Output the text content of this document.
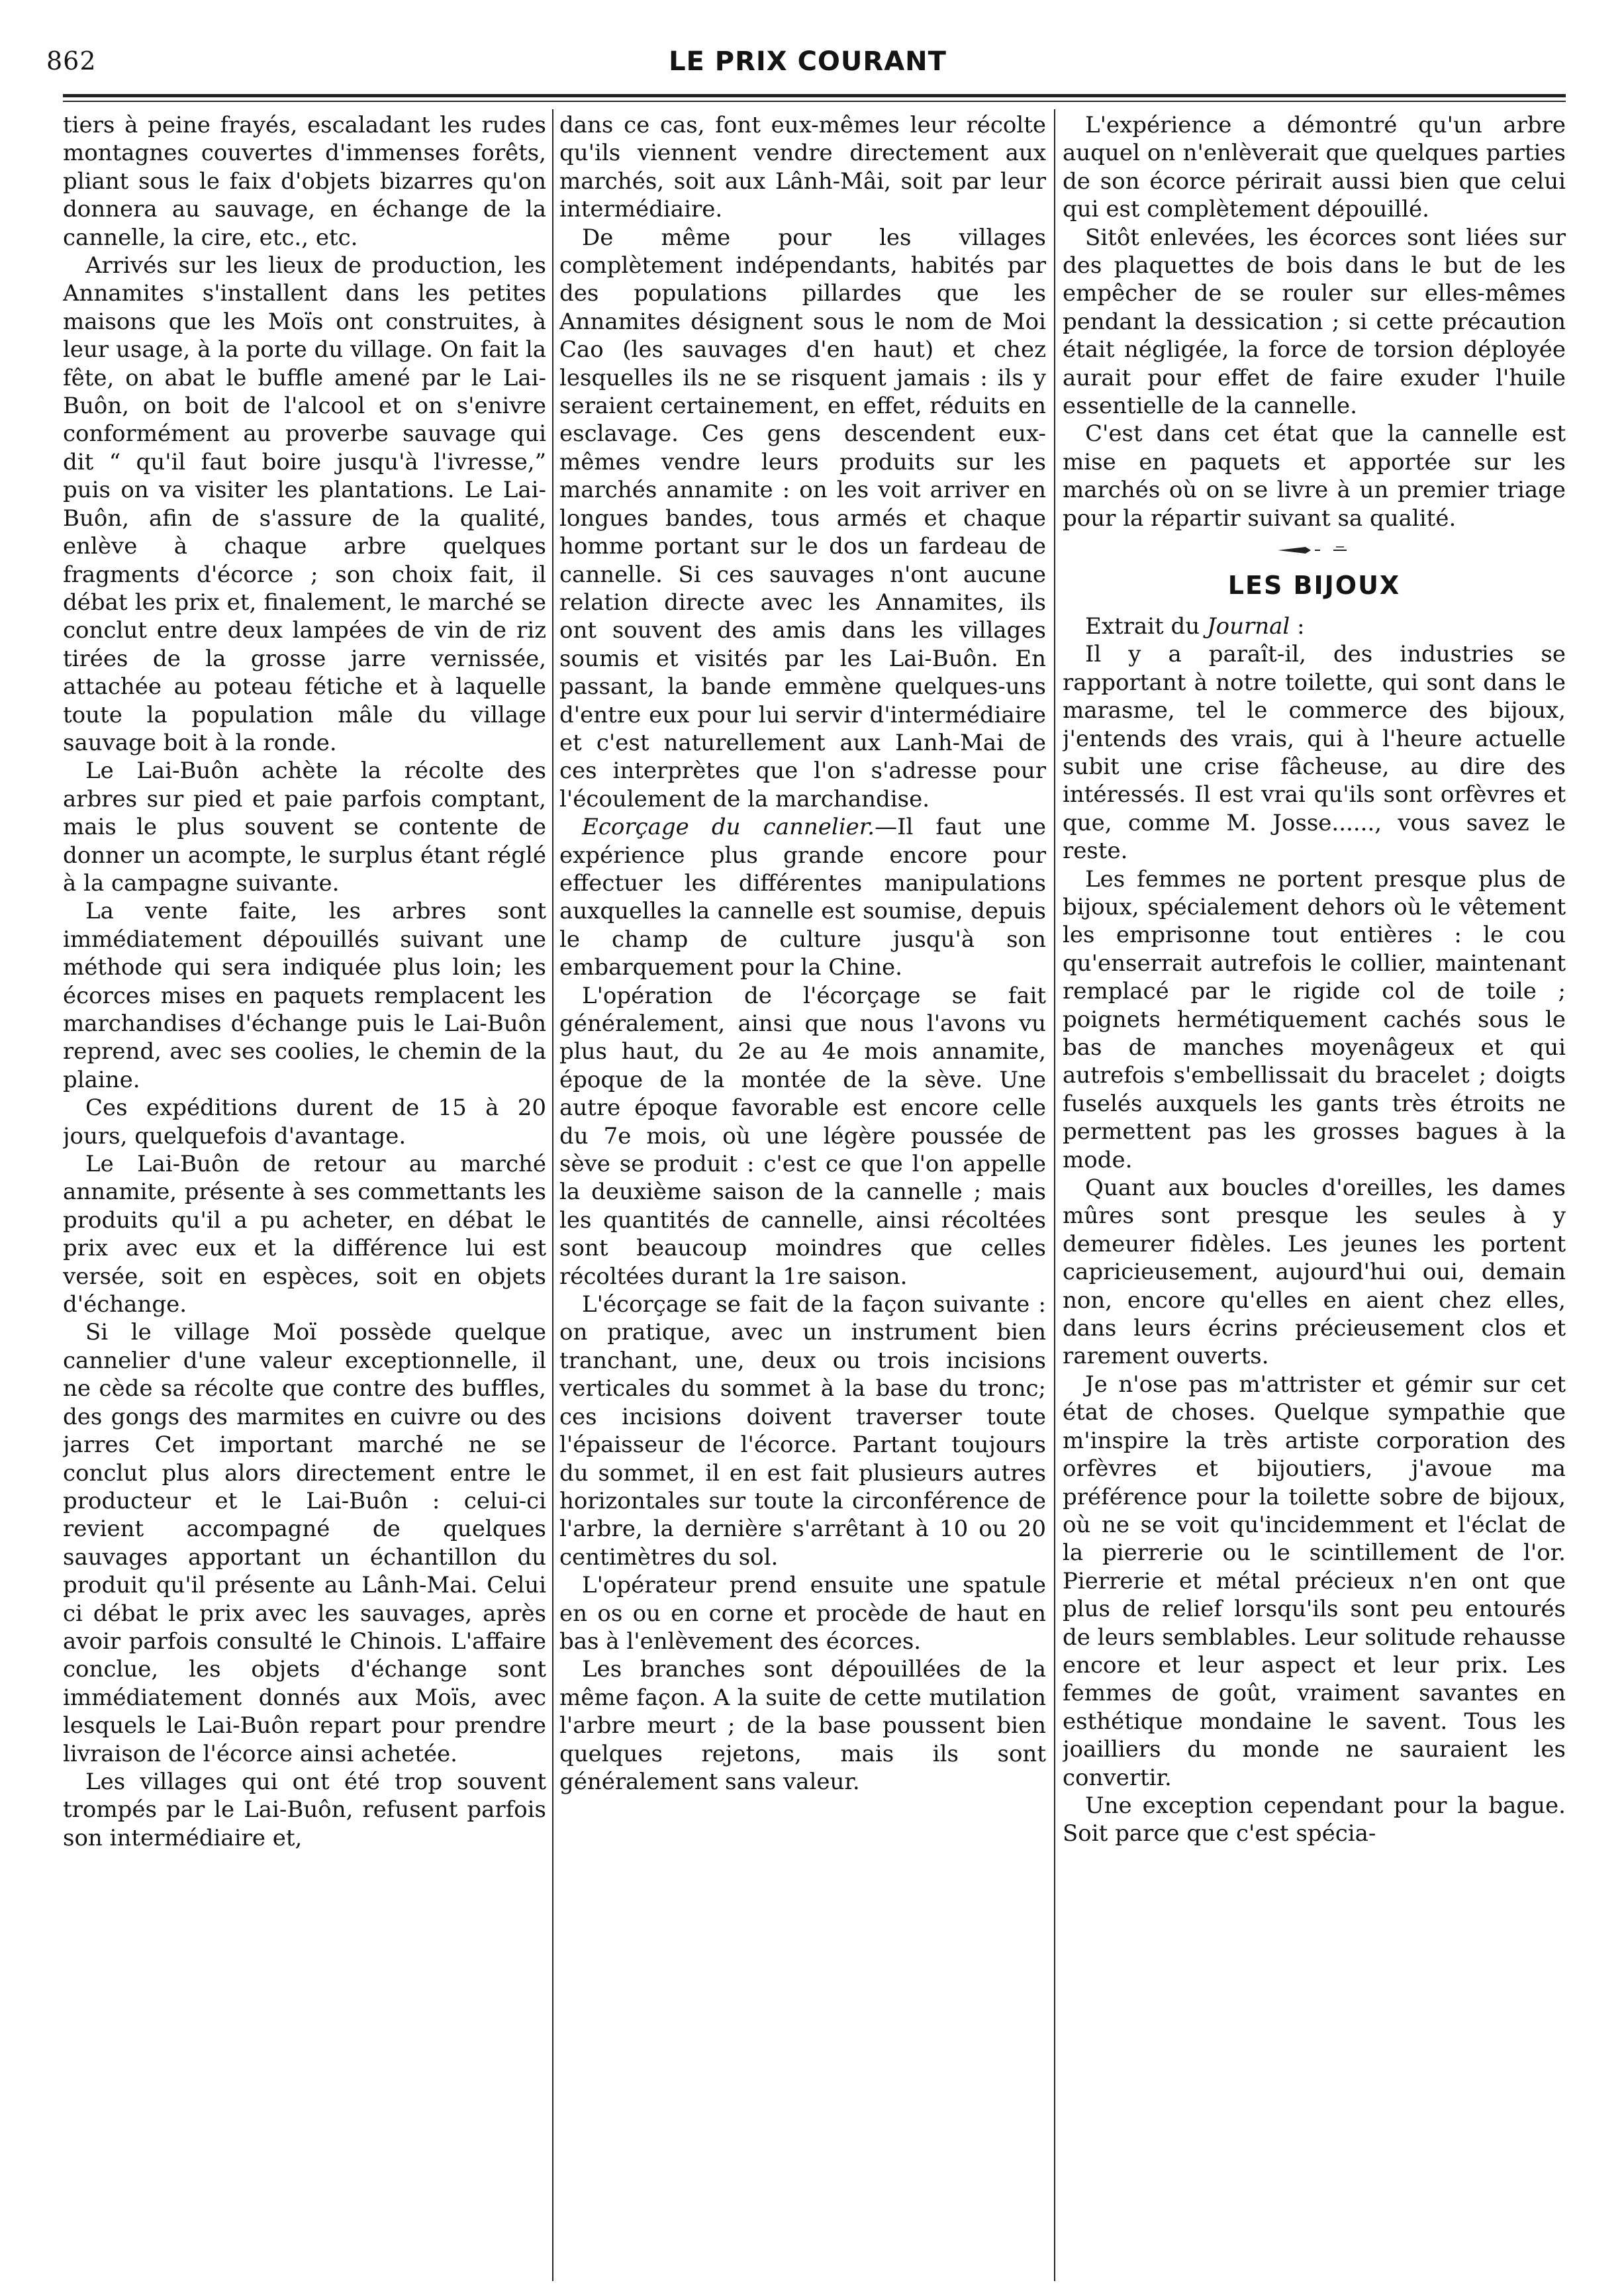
862	LE PRIX COURANT

tiers à peine frayés, escaladant les rudes montagnes couvertes d'immenses forêts, pliant sous le faix d'objets bizarres qu'on donnera au sauvage, en échange de la cannelle, la cire, etc., etc.

Arrivés sur les lieux de production, les Annamites s'installent dans les petites maisons que les Moïs ont construites, à leur usage, à la porte du village. On fait la fête, on abat le buffle amené par le Lai-Buôn, on boit de l'alcool et on s'enivre conformément au proverbe sauvage qui dit “ qu'il faut boire jusqu'à l'ivresse,” puis on va visiter les plantations. Le Lai-Buôn, afin de s'assure de la qualité, enlève à chaque arbre quelques fragments d'écorce ; son choix fait, il débat les prix et, finalement, le marché se conclut entre deux lampées de vin de riz tirées de la grosse jarre vernissée, attachée au poteau fétiche et à laquelle toute la population mâle du village sauvage boit à la ronde.

Le Lai-Buôn achète la récolte des arbres sur pied et paie parfois comptant, mais le plus souvent se contente de donner un acompte, le surplus étant réglé à la campagne suivante.

La vente faite, les arbres sont immédiatement dépouillés suivant une méthode qui sera indiquée plus loin; les écorces mises en paquets remplacent les marchandises d'échange puis le Lai-Buôn reprend, avec ses coolies, le chemin de la plaine.

Ces expéditions durent de 15 à 20 jours, quelquefois d'avantage.

Le Lai-Buôn de retour au marché annamite, présente à ses commettants les produits qu'il a pu acheter, en débat le prix avec eux et la différence lui est versée, soit en espèces, soit en objets d'échange.

Si le village Moï possède quelque cannelier d'une valeur exceptionnelle, il ne cède sa récolte que contre des buffles, des gongs des marmites en cuivre ou des jarres Cet important marché ne se conclut plus alors directement entre le producteur et le Lai-Buôn : celui-ci revient accompagné de quelques sauvages apportant un échantillon du produit qu'il présente au Lânh-Mai. Celui ci débat le prix avec les sauvages, après avoir parfois consulté le Chinois. L'affaire conclue, les objets d'échange sont immédiatement donnés aux Moïs, avec lesquels le Lai-Buôn repart pour prendre livraison de l'écorce ainsi achetée.

Les villages qui ont été trop souvent trompés par le Lai-Buôn, refusent parfois son intermédiaire et,

dans ce cas, font eux-mêmes leur récolte qu'ils viennent vendre directement aux marchés, soit aux Lânh-Mâi, soit par leur intermédiaire.

De même pour les villages complètement indépendants, habités par des populations pillardes que les Annamites désignent sous le nom de Moi Cao (les sauvages d'en haut) et chez lesquelles ils ne se risquent jamais : ils y seraient certainement, en effet, réduits en esclavage. Ces gens descendent eux-mêmes vendre leurs produits sur les marchés annamite : on les voit arriver en longues bandes, tous armés et chaque homme portant sur le dos un fardeau de cannelle. Si ces sauvages n'ont aucune relation directe avec les Annamites, ils ont souvent des amis dans les villages soumis et visités par les Lai-Buôn. En passant, la bande emmène quelques-uns d'entre eux pour lui servir d'intermédiaire et c'est naturellement aux Lanh-Mai de ces interprètes que l'on s'adresse pour l'écoulement de la marchandise.

Ecorçage du cannelier.—Il faut une expérience plus grande encore pour effectuer les différentes manipulations auxquelles la cannelle est soumise, depuis le champ de culture jusqu'à son embarquement pour la Chine.

L'opération de l'écorçage se fait généralement, ainsi que nous l'avons vu plus haut, du 2e au 4e mois annamite, époque de la montée de la sève. Une autre époque favorable est encore celle du 7e mois, où une légère poussée de sève se produit : c'est ce que l'on appelle la deuxième saison de la cannelle ; mais les quantités de cannelle, ainsi récoltées sont beaucoup moindres que celles récoltées durant la 1re saison.

L'écorçage se fait de la façon suivante : on pratique, avec un instrument bien tranchant, une, deux ou trois incisions verticales du sommet à la base du tronc; ces incisions doivent traverser toute l'épaisseur de l'écorce. Partant toujours du sommet, il en est fait plusieurs autres horizontales sur toute la circonférence de l'arbre, la dernière s'arrêtant à 10 ou 20 centimètres du sol.

L'opérateur prend ensuite une spatule en os ou en corne et procède de haut en bas à l'enlèvement des écorces.

Les branches sont dépouillées de la même façon. A la suite de cette mutilation l'arbre meurt ; de la base poussent bien quelques rejetons, mais ils sont généralement sans valeur.

L'expérience a démontré qu'un arbre auquel on n'enlèverait que quelques parties de son écorce périrait aussi bien que celui qui est complètement dépouillé.

Sitôt enlevées, les écorces sont liées sur des plaquettes de bois dans le but de les empêcher de se rouler sur elles-mêmes pendant la dessication ; si cette précaution était négligée, la force de torsion déployée aurait pour effet de faire exuder l'huile essentielle de la cannelle.

C'est dans cet état que la cannelle est mise en paquets et apportée sur les marchés où on se livre à un premier triage pour la répartir suivant sa qualité.

LES BIJOUX

Extrait du Journal :

Il y a paraît-il, des industries se rapportant à notre toilette, qui sont dans le marasme, tel le commerce des bijoux, j'entends des vrais, qui à l'heure actuelle subit une crise fâcheuse, au dire des intéressés. Il est vrai qu'ils sont orfèvres et que, comme M. Josse......, vous savez le reste.

Les femmes ne portent presque plus de bijoux, spécialement dehors où le vêtement les emprisonne tout entières : le cou qu'enserrait autrefois le collier, maintenant remplacé par le rigide col de toile ; poignets hermétiquement cachés sous le bas de manches moyenâgeux et qui autrefois s'embellissait du bracelet ; doigts fuselés auxquels les gants très étroits ne permettent pas les grosses bagues à la mode.

Quant aux boucles d'oreilles, les dames mûres sont presque les seules à y demeurer fidèles. Les jeunes les portent capricieusement, aujourd'hui oui, demain non, encore qu'elles en aient chez elles, dans leurs écrins précieusement clos et rarement ouverts.

Je n'ose pas m'attrister et gémir sur cet état de choses. Quelque sympathie que m'inspire la très artiste corporation des orfèvres et bijoutiers, j'avoue ma préférence pour la toilette sobre de bijoux, où ne se voit qu'incidemment et l'éclat de la pierrerie ou le scintillement de l'or. Pierrerie et métal précieux n'en ont que plus de relief lorsqu'ils sont peu entourés de leurs semblables. Leur solitude rehausse encore et leur aspect et leur prix. Les femmes de goût, vraiment savantes en esthétique mondaine le savent. Tous les joailliers du monde ne sauraient les convertir.

Une exception cependant pour la bague. Soit parce que c'est spécia-
